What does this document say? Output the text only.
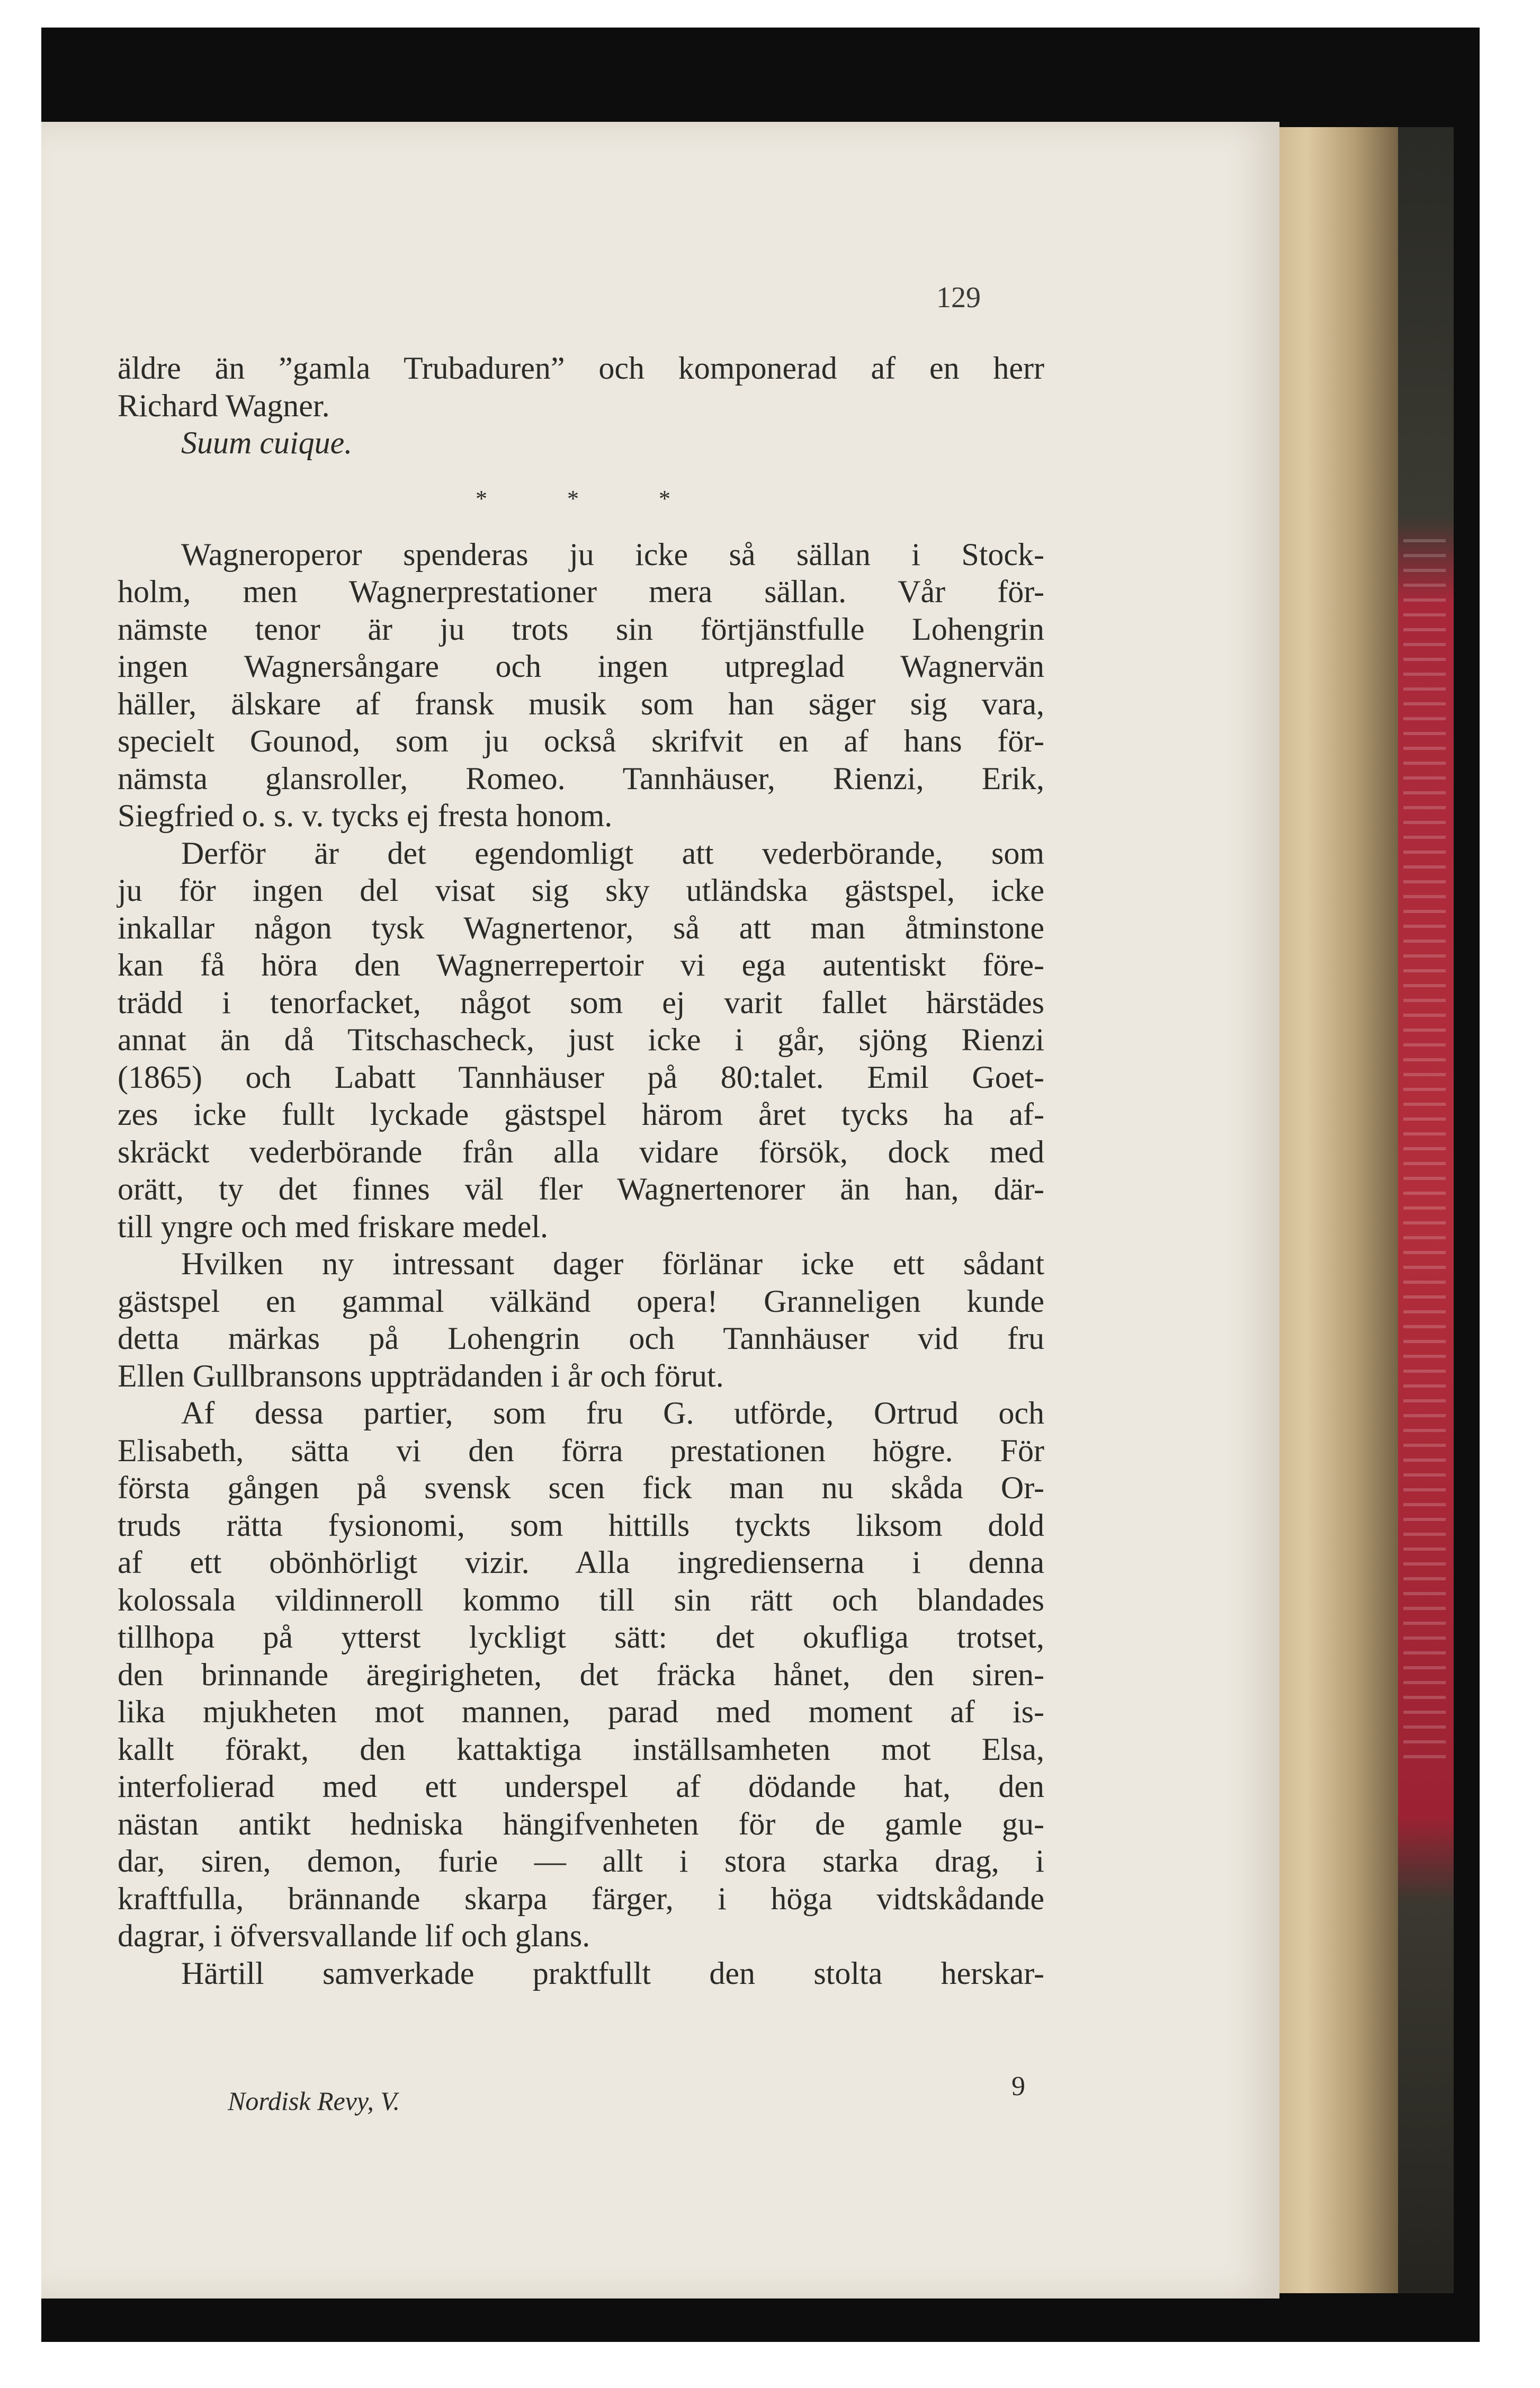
129
äldre än ”gamla Trubaduren” och komponerad af en herr
Richard Wagner.
Suum cuique.
* * *
Wagneroperor spenderas ju icke så sällan i Stock-
holm, men Wagnerprestationer mera sällan. Vår för-
nämste tenor är ju trots sin förtjänstfulle Lohengrin
ingen Wagnersångare och ingen utpreglad Wagnervän
häller, älskare af fransk musik som han säger sig vara,
specielt Gounod, som ju också skrifvit en af hans för-
nämsta glansroller, Romeo. Tannhäuser, Rienzi, Erik,
Siegfried o. s. v. tycks ej fresta honom.
Derför är det egendomligt att vederbörande, som
ju för ingen del visat sig sky utländska gästspel, icke
inkallar någon tysk Wagnertenor, så att man åtminstone
kan få höra den Wagnerrepertoir vi ega autentiskt före-
trädd i tenorfacket, något som ej varit fallet härstädes
annat än då Titschascheck, just icke i går, sjöng Rienzi
(1865) och Labatt Tannhäuser på 80:talet. Emil Goet-
zes icke fullt lyckade gästspel härom året tycks ha af-
skräckt vederbörande från alla vidare försök, dock med
orätt, ty det finnes väl fler Wagnertenorer än han, där-
till yngre och med friskare medel.
Hvilken ny intressant dager förlänar icke ett sådant
gästspel en gammal välkänd opera! Granneligen kunde
detta märkas på Lohengrin och Tannhäuser vid fru
Ellen Gullbransons uppträdanden i år och förut.
Af dessa partier, som fru G. utförde, Ortrud och
Elisabeth, sätta vi den förra prestationen högre. För
första gången på svensk scen fick man nu skåda Or-
truds rätta fysionomi, som hittills tyckts liksom dold
af ett obönhörligt vizir. Alla ingredienserna i denna
kolossala vildinneroll kommo till sin rätt och blandades
tillhopa på ytterst lyckligt sätt: det okufliga trotset,
den brinnande äregirigheten, det fräcka hånet, den siren-
lika mjukheten mot mannen, parad med moment af is-
kallt förakt, den kattaktiga inställsamheten mot Elsa,
interfolierad med ett underspel af dödande hat, den
nästan antikt hedniska hängifvenheten för de gamle gu-
dar, siren, demon, furie — allt i stora starka drag, i
kraftfulla, brännande skarpa färger, i höga vidtskådande
dagrar, i öfversvallande lif och glans.
Härtill samverkade praktfullt den stolta herskar-
Nordisk Revy, V.	9
